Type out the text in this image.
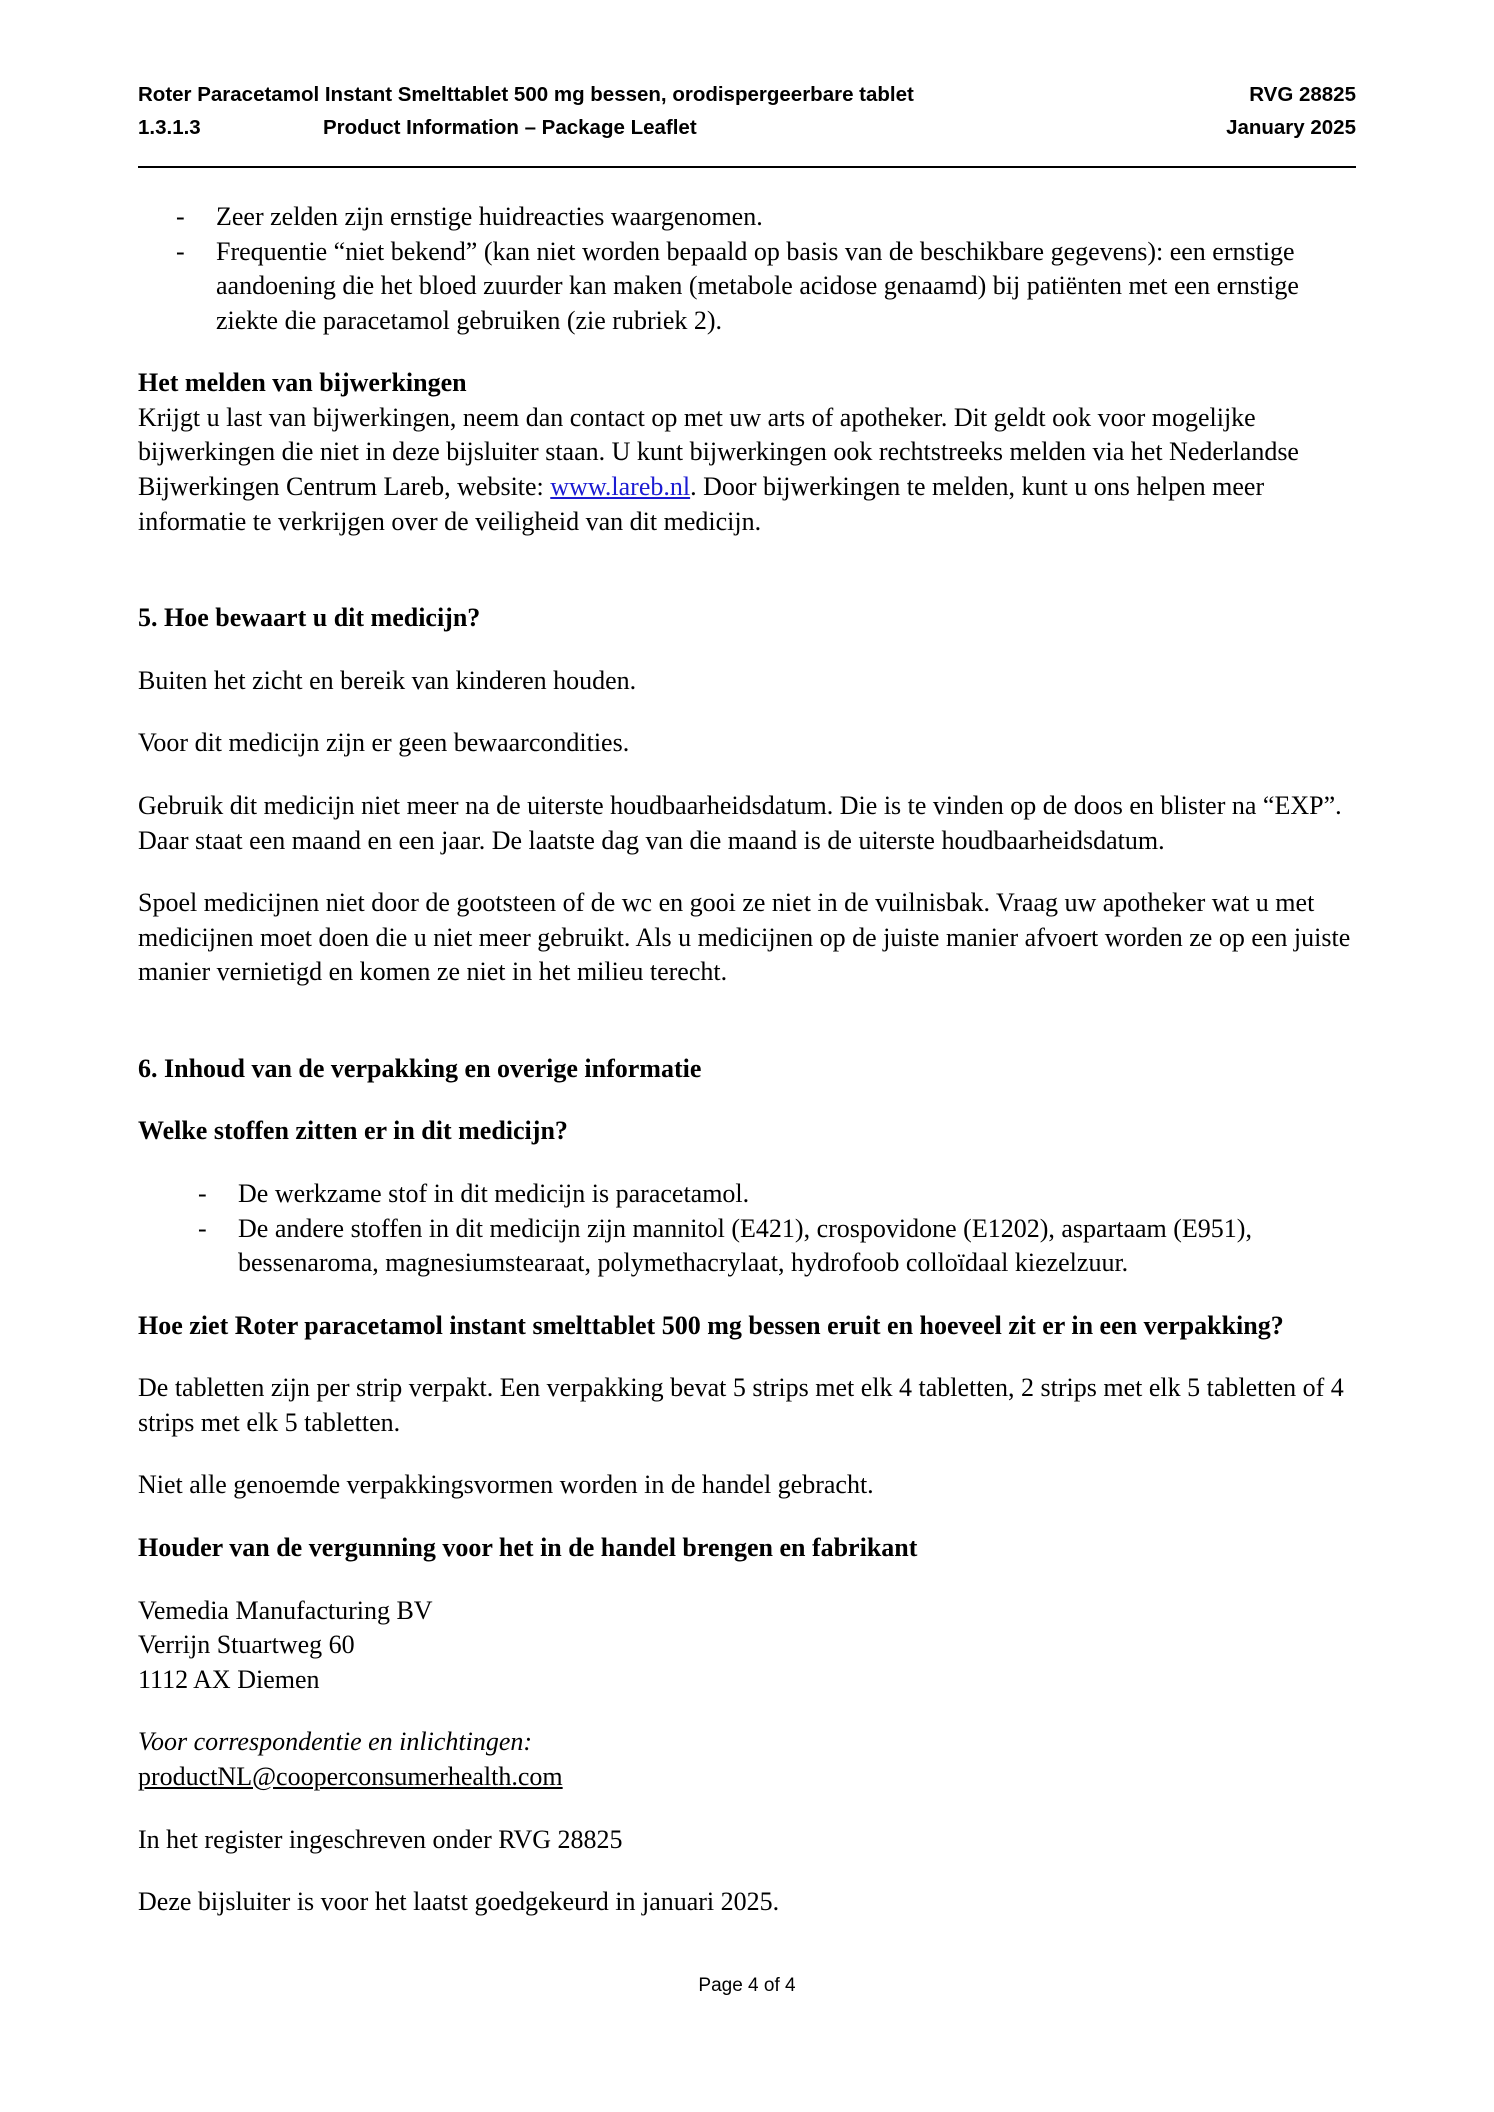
Roter Paracetamol Instant Smelttablet 500 mg bessen, orodispergeerbare tablet	RVG 28825
1.3.1.3	Product Information – Package Leaflet	January 2025
- Zeer zelden zijn ernstige huidreacties waargenomen.
- Frequentie “niet bekend” (kan niet worden bepaald op basis van de beschikbare gegevens): een ernstige aandoening die het bloed zuurder kan maken (metabole acidose genaamd) bij patiënten met een ernstige ziekte die paracetamol gebruiken (zie rubriek 2).
Het melden van bijwerkingen

Krijgt u last van bijwerkingen, neem dan contact op met uw arts of apotheker. Dit geldt ook voor mogelijke bijwerkingen die niet in deze bijsluiter staan. U kunt bijwerkingen ook rechtstreeks melden via het Nederlandse Bijwerkingen Centrum Lareb, website: www.lareb.nl. Door bijwerkingen te melden, kunt u ons helpen meer informatie te verkrijgen over de veiligheid van dit medicijn.

5. Hoe bewaart u dit medicijn?

Buiten het zicht en bereik van kinderen houden.

Voor dit medicijn zijn er geen bewaarcondities.

Gebruik dit medicijn niet meer na de uiterste houdbaarheidsdatum. Die is te vinden op de doos en blister na “EXP”. Daar staat een maand en een jaar. De laatste dag van die maand is de uiterste houdbaarheidsdatum.

Spoel medicijnen niet door de gootsteen of de wc en gooi ze niet in de vuilnisbak. Vraag uw apotheker wat u met medicijnen moet doen die u niet meer gebruikt. Als u medicijnen op de juiste manier afvoert worden ze op een juiste manier vernietigd en komen ze niet in het milieu terecht.

6. Inhoud van de verpakking en overige informatie
Welke stoffen zitten er in dit medicijn?
- De werkzame stof in dit medicijn is paracetamol.
- De andere stoffen in dit medicijn zijn mannitol (E421), crospovidone (E1202), aspartaam (E951), bessenaroma, magnesiumstearaat, polymethacrylaat, hydrofoob colloïdaal kiezelzuur.
Hoe ziet Roter paracetamol instant smelttablet 500 mg bessen eruit en hoeveel zit er in een verpakking?

De tabletten zijn per strip verpakt. Een verpakking bevat 5 strips met elk 4 tabletten, 2 strips met elk 5 tabletten of 4 strips met elk 5 tabletten.

Niet alle genoemde verpakkingsvormen worden in de handel gebracht.

Houder van de vergunning voor het in de handel brengen en fabrikant
Vemedia Manufacturing BV
Verrijn Stuartweg 60
1112 AX Diemen
Voor correspondentie en inlichtingen:
productNL@cooperconsumerhealth.com

In het register ingeschreven onder RVG 28825

Deze bijsluiter is voor het laatst goedgekeurd in januari 2025.

Page 4 of 4
